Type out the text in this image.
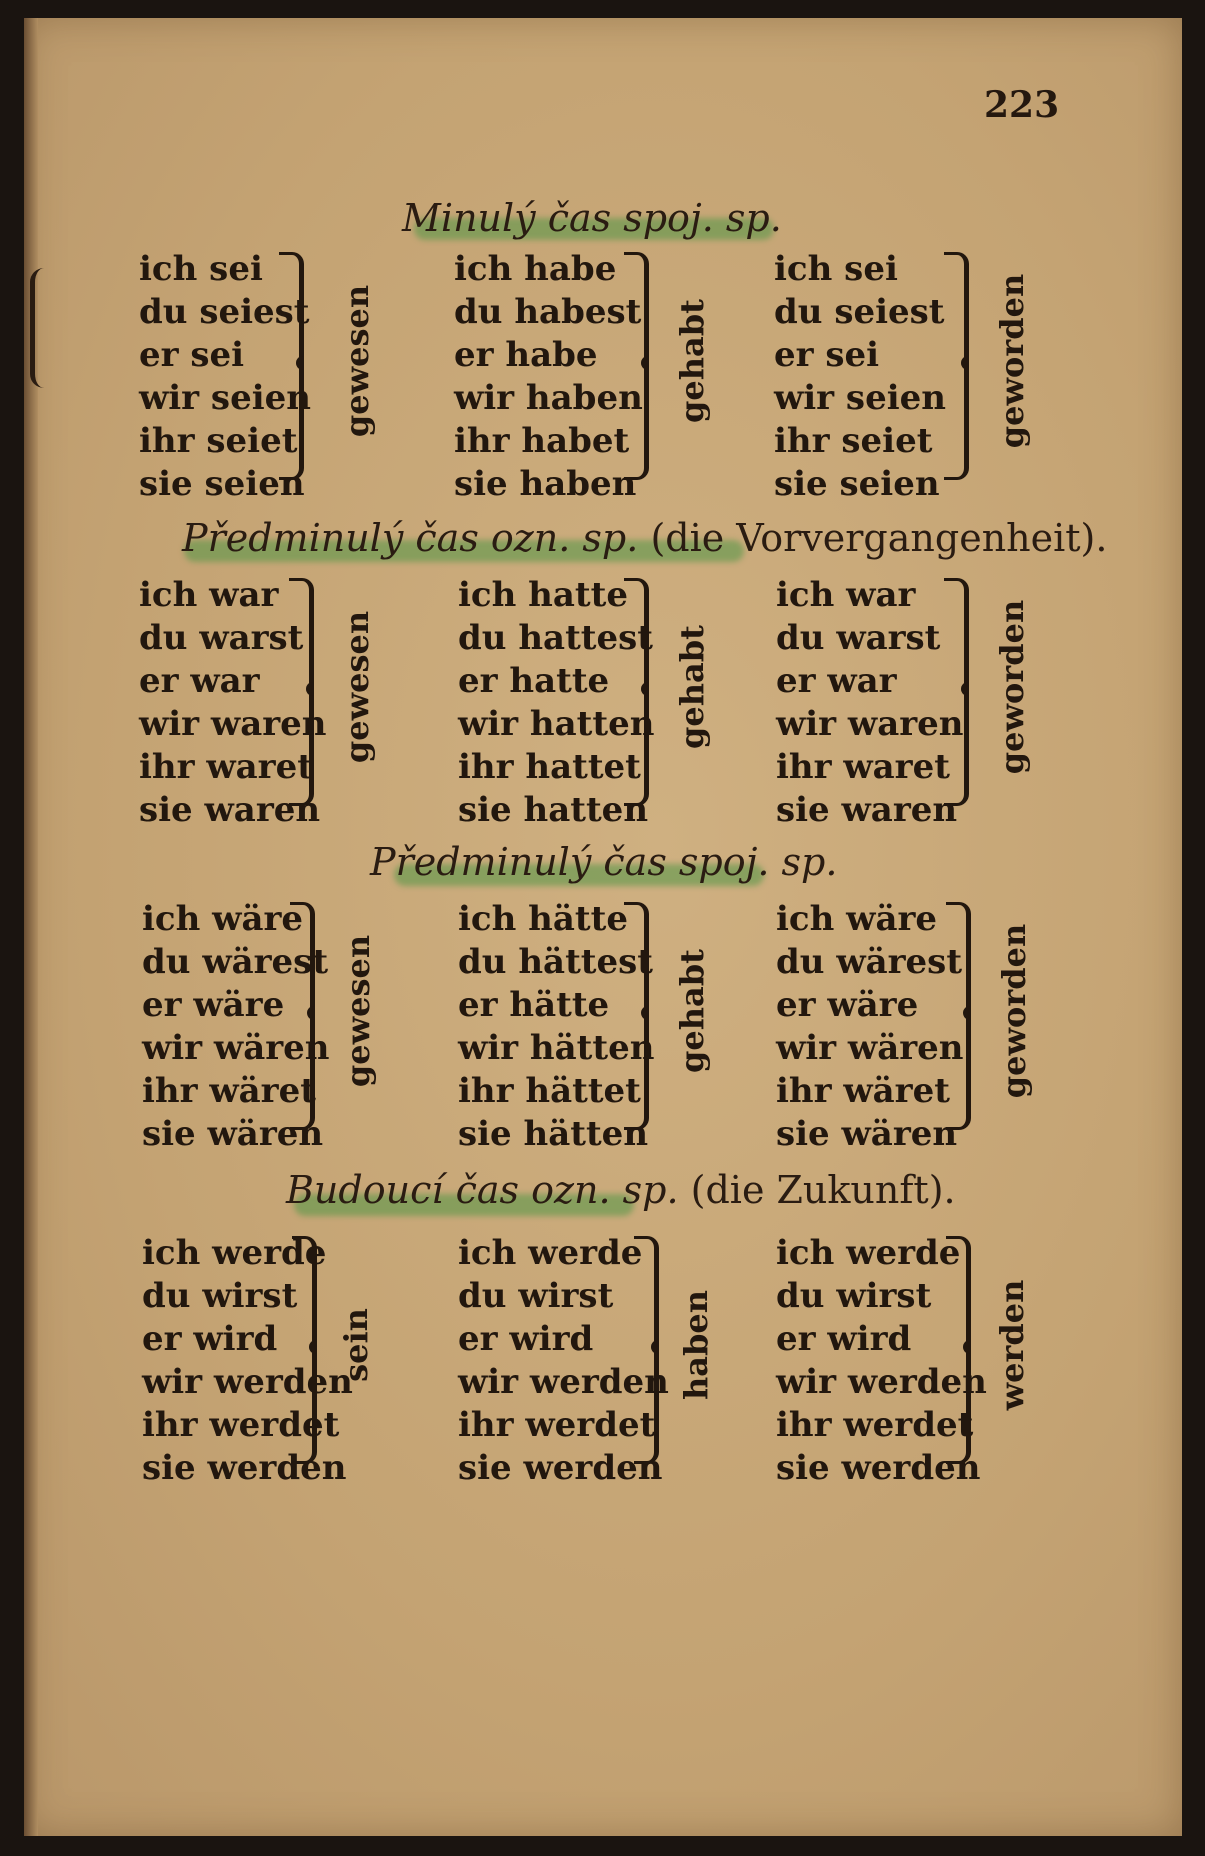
223
Minulý čas spoj. sp.
ich sei
du seiest
er sei
wir seien
ihr seiet
sie seien
gewesen
ich habe
du habest
er habe
wir haben
ihr habet
sie haben
gehabt
ich sei
du seiest
er sei
wir seien
ihr seiet
sie seien
geworden
Předminulý čas ozn. sp. (die Vorvergangenheit).
ich war
du warst
er war
wir waren
ihr waret
sie waren
gewesen
ich hatte
du hattest
er hatte
wir hatten
ihr hattet
sie hatten
gehabt
ich war
du warst
er war
wir waren
ihr waret
sie waren
geworden
Předminulý čas spoj. sp.
ich wäre
du wärest
er wäre
wir wären
ihr wäret
sie wären
gewesen
ich hätte
du hättest
er hätte
wir hätten
ihr hättet
sie hätten
gehabt
ich wäre
du wärest
er wäre
wir wären
ihr wäret
sie wären
geworden
Budoucí čas ozn. sp. (die Zukunft).
ich werde
du wirst
er wird
wir werden
ihr werdet
sie werden
sein
ich werde
du wirst
er wird
wir werden
ihr werdet
sie werden
haben
ich werde
du wirst
er wird
wir werden
ihr werdet
sie werden
werden
